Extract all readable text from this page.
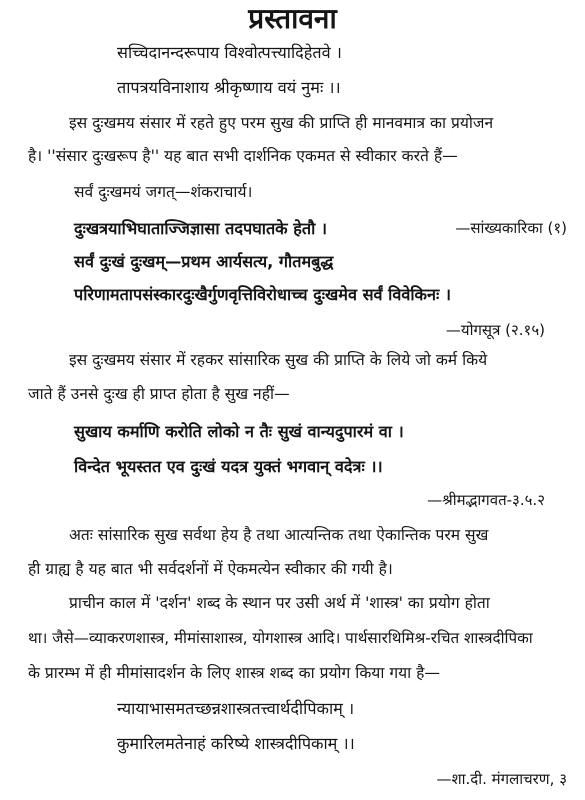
प्रस्तावना
सच्चिदानन्दरूपाय विश्वोत्पत्त्यादिहेतवे ।
तापत्रयविनाशाय श्रीकृष्णाय वयं नुमः ।।
इस दुःखमय संसार में रहते हुए परम सुख की प्राप्ति ही मानवमात्र का प्रयोजन
है। ''संसार दुःखरूप है'' यह बात सभी दार्शनिक एकमत से स्वीकार करते हैं—
सर्वं दुःखमयं जगत्—शंकराचार्य।
दुःखत्रयाभिघाताज्जिज्ञासा तदपघातके हेतौ ।	—सांख्यकारिका (१)
सर्वं दुःखं दुःखम्—प्रथम आर्यसत्य, गौतमबुद्ध
परिणामतापसंस्कारदुःखैर्गुणवृत्तिविरोधाच्च दुःखमेव सर्वं विवेकिनः ।
—योगसूत्र (२.१५)
इस दुःखमय संसार में रहकर सांसारिक सुख की प्राप्ति के लिये जो कर्म किये
जाते हैं उनसे दुःख ही प्राप्त होता है सुख नहीं—
सुखाय कर्माणि करोति लोको न तैः सुखं वान्यदुपारमं वा ।
विन्देत भूयस्तत एव दुःखं यदत्र युक्तं भगवान् वदेत्रः ।।
—श्रीमद्भागवत-३.५.२
अतः सांसारिक सुख सर्वथा हेय है तथा आत्यन्तिक तथा ऐकान्तिक परम सुख
ही ग्राह्य है यह बात भी सर्वदर्शनों में ऐकमत्येन स्वीकार की गयी है।
प्राचीन काल में 'दर्शन' शब्द के स्थान पर उसी अर्थ में 'शास्त्र' का प्रयोग होता
था। जैसे—व्याकरणशास्त्र, मीमांसाशास्त्र, योगशास्त्र आदि। पार्थसारथिमिश्र-रचित शास्त्रदीपिका
के प्रारम्भ में ही मीमांसादर्शन के लिए शास्त्र शब्द का प्रयोग किया गया है—
न्यायाभासमतच्छन्नशास्त्रतत्त्वार्थदीपिकाम् ।
कुमारिलमतेनाहं करिष्ये शास्त्रदीपिकाम् ।।
—शा.दी. मंगलाचरण, ३
